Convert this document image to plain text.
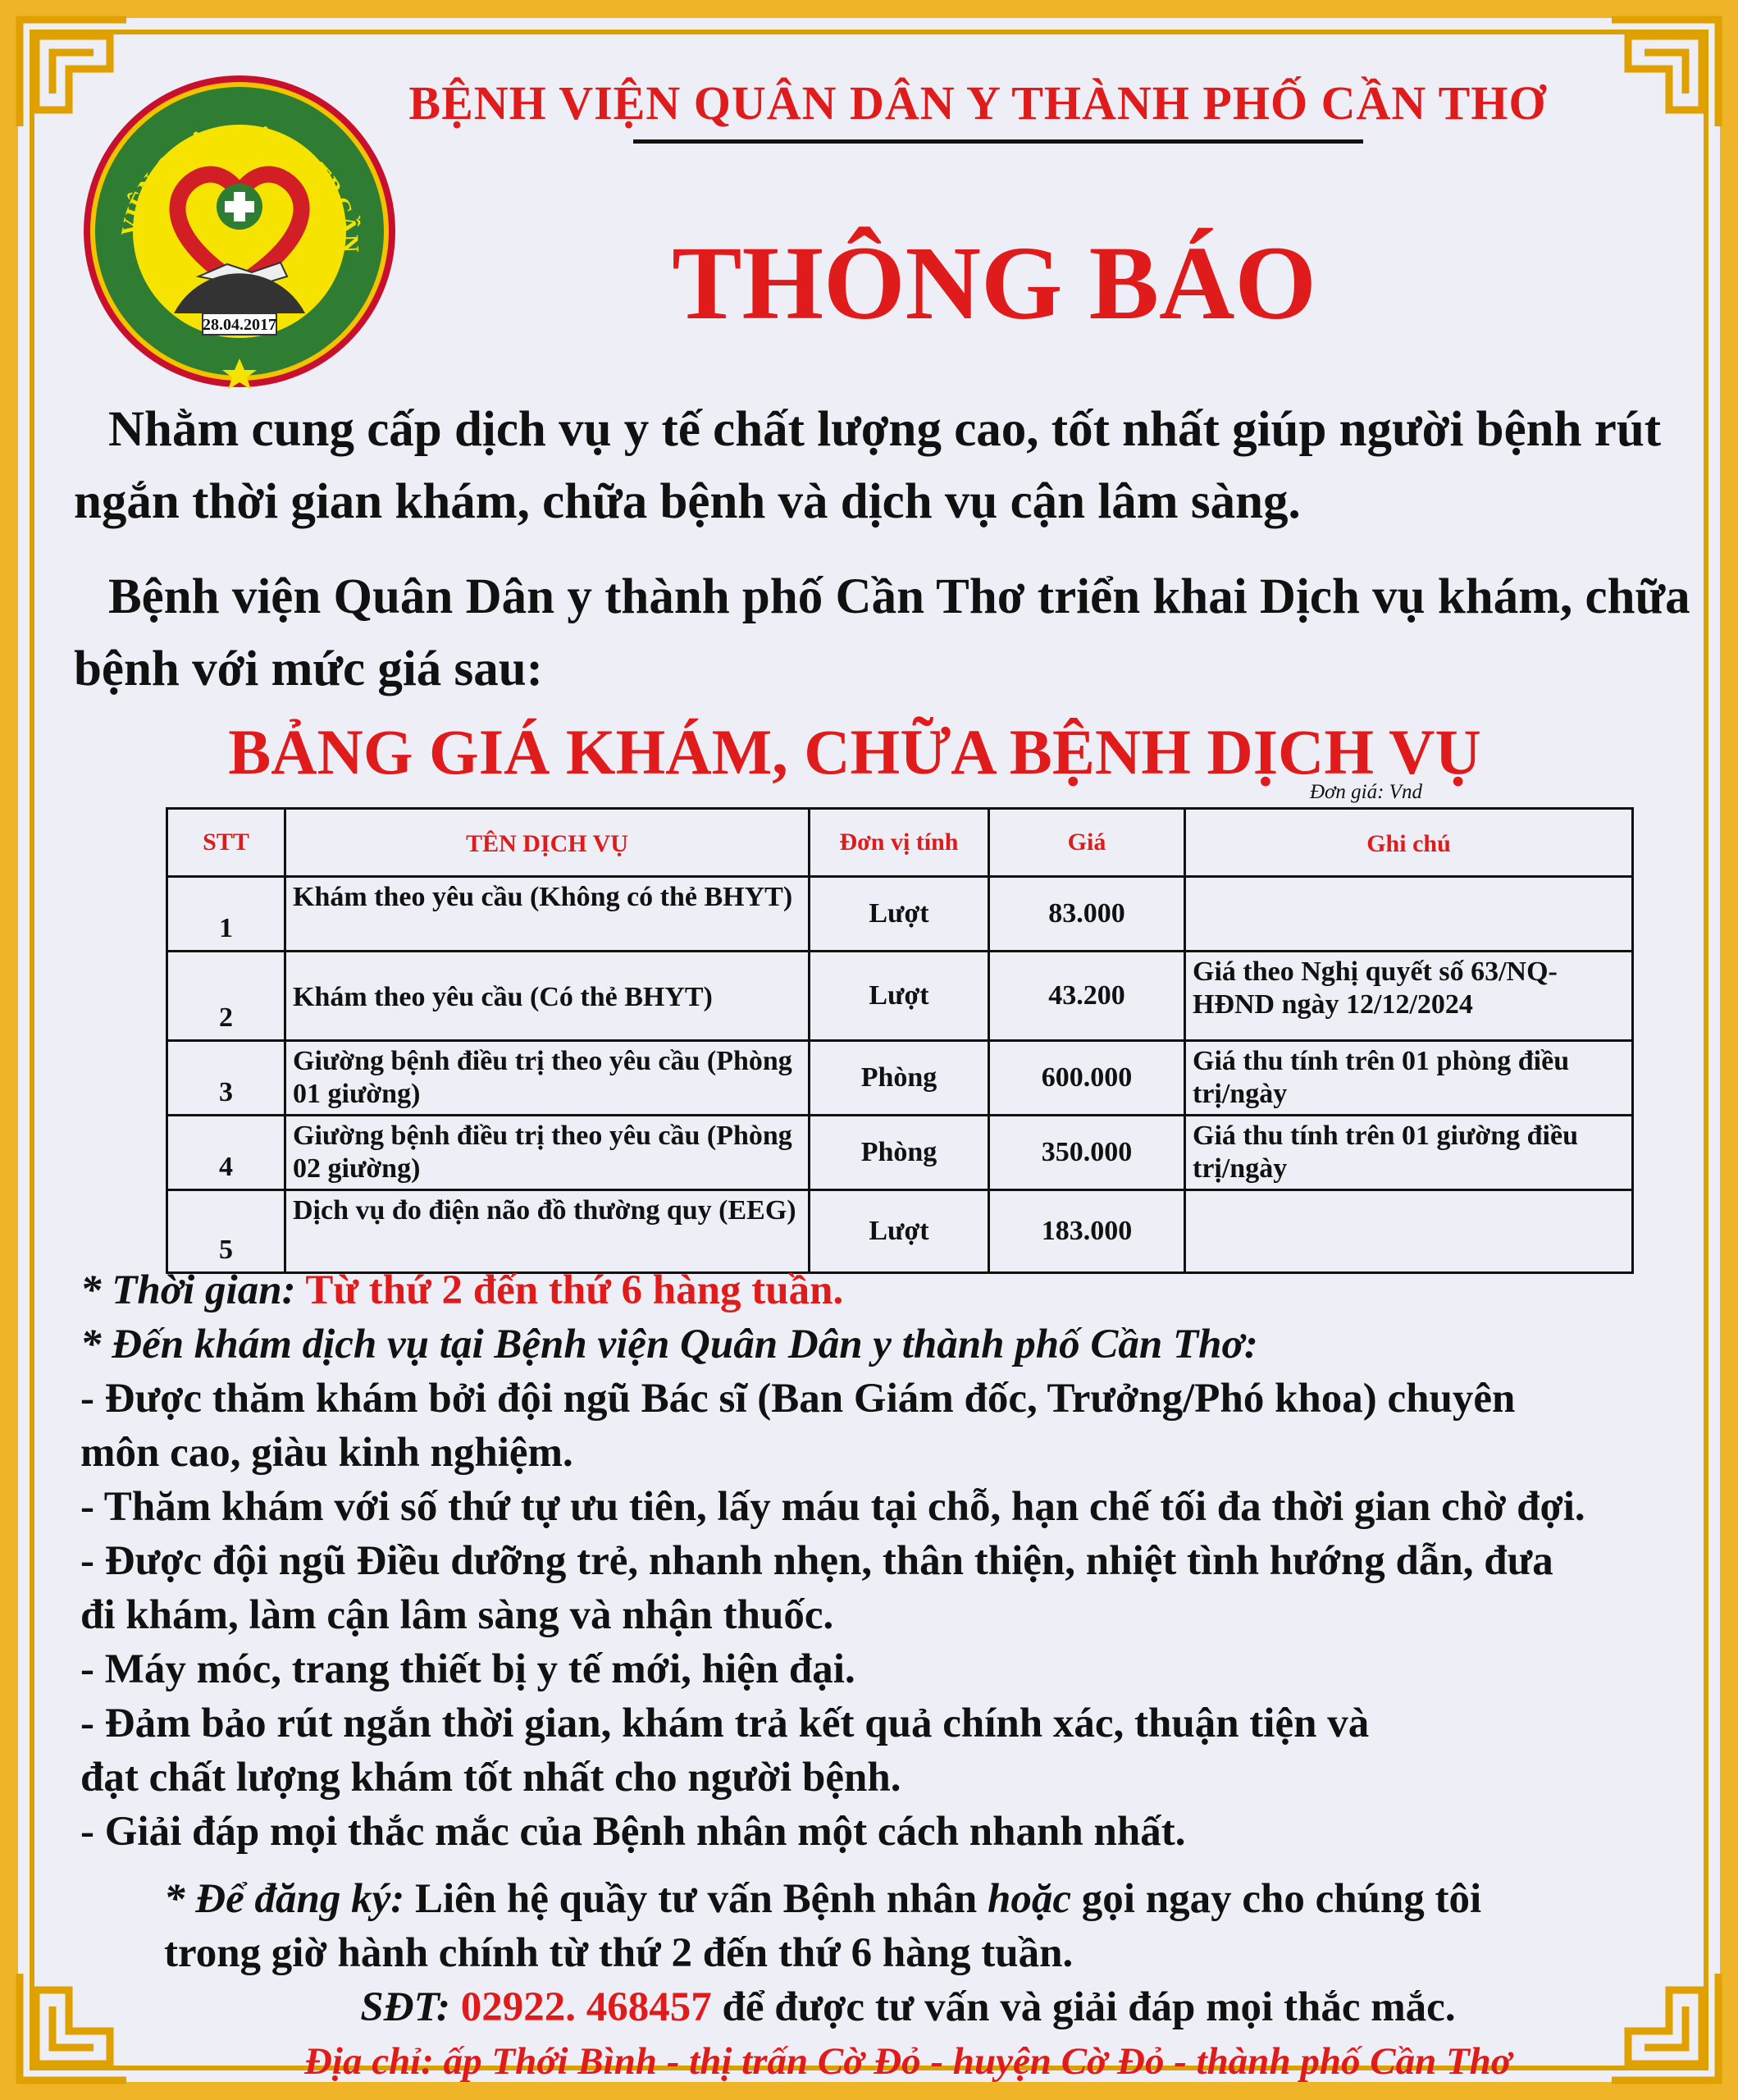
VIỆN QUÂN DÂN Y TP CẦN
28.04.2017
BỆNH VIỆN QUÂN DÂN Y THÀNH PHỐ CẦN THƠ
THÔNG BÁO
Nhằm cung cấp dịch vụ y tế chất lượng cao, tốt nhất giúp người bệnh rút ngắn thời gian khám, chữa bệnh và dịch vụ cận lâm sàng.
Bệnh viện Quân Dân y thành phố Cần Thơ triển khai Dịch vụ khám, chữa bệnh với mức giá sau:
BẢNG GIÁ KHÁM, CHỮA BỆNH DỊCH VỤ
Đơn giá: Vnd
STT	TÊN DỊCH VỤ	Đơn vị tính	Giá	Ghi chú
1	Khám theo yêu cầu (Không có thẻ BHYT)	Lượt	83.000	
2	Khám theo yêu cầu (Có thẻ BHYT)	Lượt	43.200	Giá theo Nghị quyết số 63/NQ-HĐND ngày 12/12/2024
3	Giường bệnh điều trị theo yêu cầu (Phòng 01 giường)	Phòng	600.000	Giá thu tính trên 01 phòng điều trị/ngày
4	Giường bệnh điều trị theo yêu cầu (Phòng 02 giường)	Phòng	350.000	Giá thu tính trên 01 giường điều trị/ngày
5	Dịch vụ đo điện não đồ thường quy (EEG)	Lượt	183.000	
* Thời gian: Từ thứ 2 đến thứ 6 hàng tuần.
* Đến khám dịch vụ tại Bệnh viện Quân Dân y thành phố Cần Thơ:
- Được thăm khám bởi đội ngũ Bác sĩ (Ban Giám đốc, Trưởng/Phó khoa) chuyên
môn cao, giàu kinh nghiệm.
- Thăm khám với số thứ tự ưu tiên, lấy máu tại chỗ, hạn chế tối đa thời gian chờ đợi.
- Được đội ngũ Điều dưỡng trẻ, nhanh nhẹn, thân thiện, nhiệt tình hướng dẫn, đưa
đi khám, làm cận lâm sàng và nhận thuốc.
- Máy móc, trang thiết bị y tế mới, hiện đại.
- Đảm bảo rút ngắn thời gian, khám trả kết quả chính xác, thuận tiện và
đạt chất lượng khám tốt nhất cho người bệnh.
- Giải đáp mọi thắc mắc của Bệnh nhân một cách nhanh nhất.
* Để đăng ký: Liên hệ quầy tư vấn Bệnh nhân hoặc gọi ngay cho chúng tôi
trong giờ hành chính từ thứ 2 đến thứ 6 hàng tuần.
SĐT: 02922. 468457 để được tư vấn và giải đáp mọi thắc mắc.
Địa chỉ: ấp Thới Bình - thị trấn Cờ Đỏ - huyện Cờ Đỏ - thành phố Cần Thơ
